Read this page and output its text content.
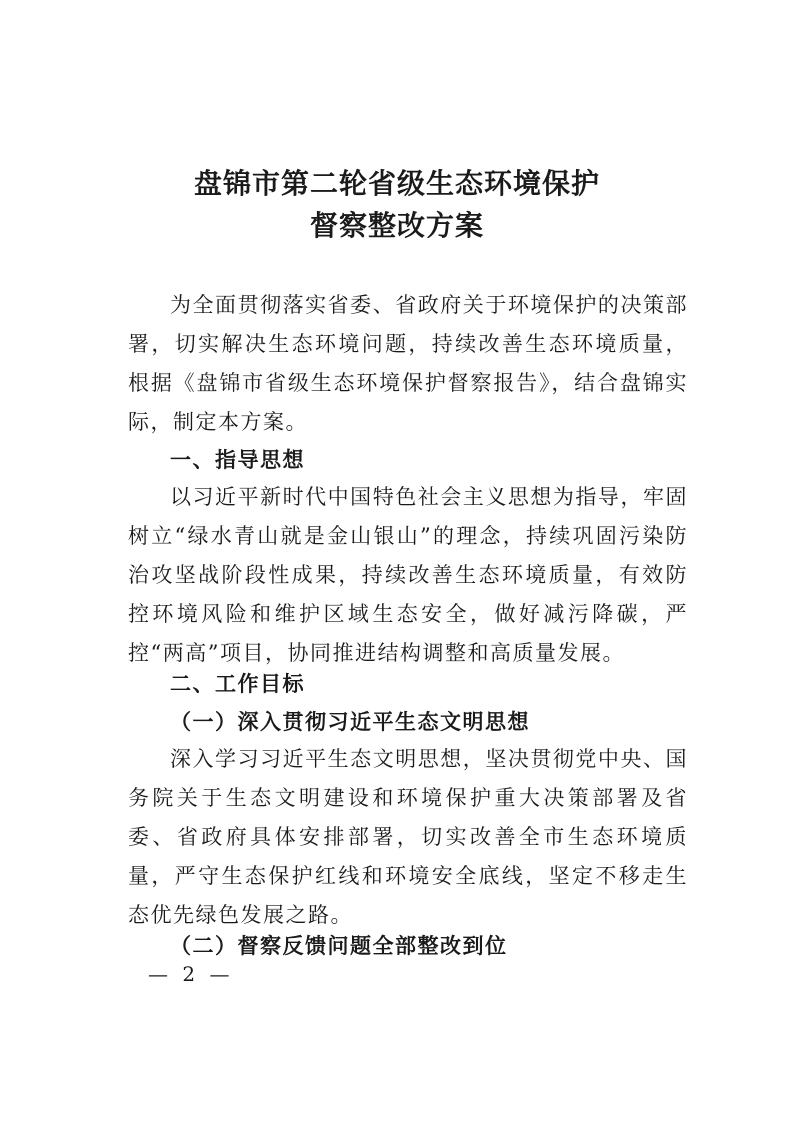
盘锦市第二轮省级生态环境保护
督察整改方案

为全面贯彻落实省委、省政府关于环境保护的决策部署，切实解决生态环境问题，持续改善生态环境质量，根据《盘锦市省级生态环境保护督察报告》，结合盘锦实际，制定本方案。

一、指导思想

以习近平新时代中国特色社会主义思想为指导，牢固树立“绿水青山就是金山银山”的理念，持续巩固污染防治攻坚战阶段性成果，持续改善生态环境质量，有效防控环境风险和维护区域生态安全，做好减污降碳，严控“两高”项目，协同推进结构调整和高质量发展。

二、工作目标

（一）深入贯彻习近平生态文明思想

深入学习习近平生态文明思想，坚决贯彻党中央、国务院关于生态文明建设和环境保护重大决策部署及省委、省政府具体安排部署，切实改善全市生态环境质量，严守生态保护红线和环境安全底线，坚定不移走生态优先绿色发展之路。

（二）督察反馈问题全部整改到位

— 2 —
